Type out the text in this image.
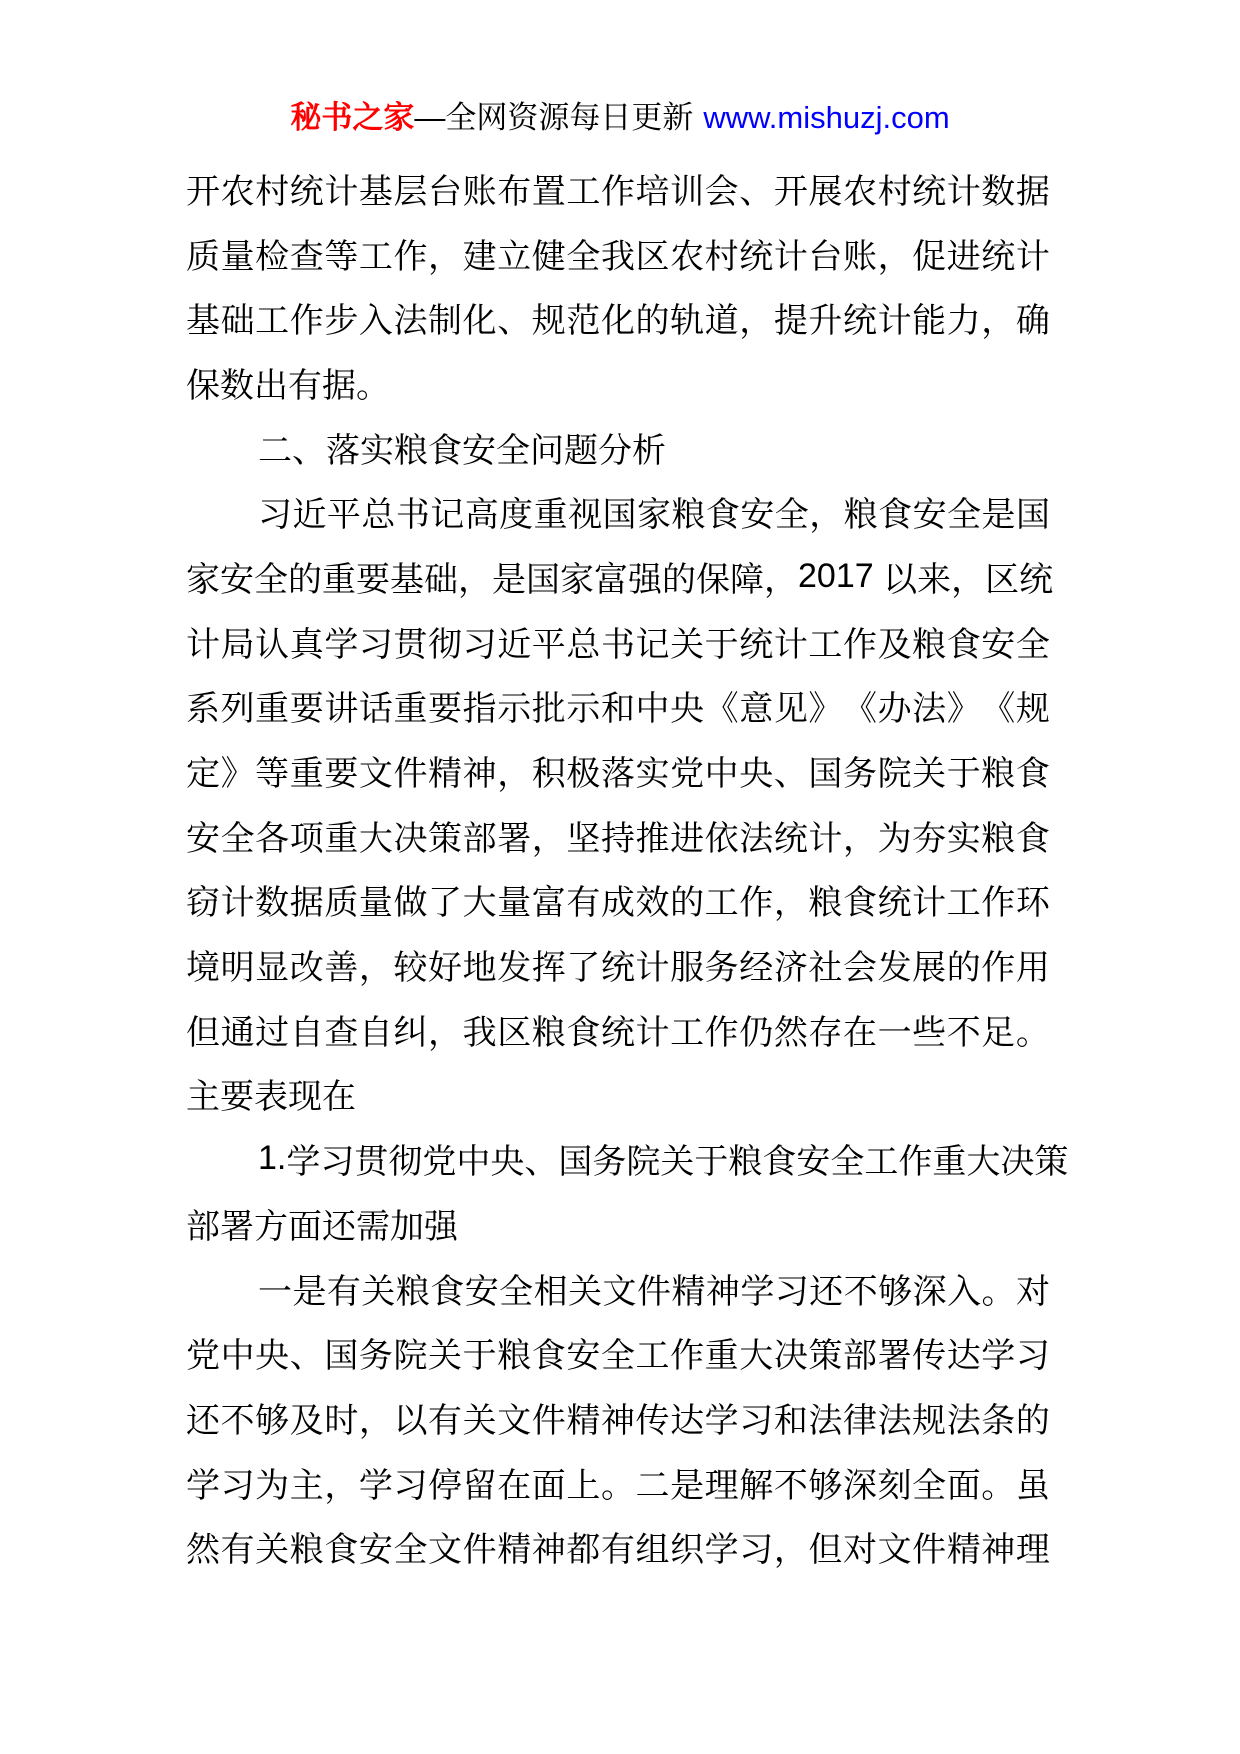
秘书之家—全网资源每日更新 www.mishuzj.com
开 农 村 统 计 基 层 台 账 布 置 工 作 培 训 会 、 开 展 农 村 统 计 数 据
质 量 检 查 等 工 作 ， 建 立 健 全 我 区 农 村 统 计 台 账 ， 促 进 统 计
基 础 工 作 步 入 法 制 化 、 规 范 化 的 轨 道 ， 提 升 统 计 能 力 ， 确
保数出有据。
二、落实粮食安全问题分析
习 近 平 总 书 记 高 度 重 视 国 家 粮 食 安 全 ， 粮 食 安 全 是 国
家 安 全 的 重 要 基 础 ， 是 国 家 富 强 的 保 障 ， 2017 以 来 ， 区 统
计 局 认 真 学 习 贯 彻 习 近 平 总 书 记 关 于 统 计 工 作 及 粮 食 安 全
系 列 重 要 讲 话 重 要 指 示 批 示 和 中 央 《 意 见 》 《 办 法 》 《 规
定 》 等 重 要 文 件 精 神 ， 积 极 落 实 党 中 央 、 国 务 院 关 于 粮 食
安 全 各 项 重 大 决 策 部 署 ， 坚 持 推 进 依 法 统 计 ， 为 夯 实 粮 食
窃 计 数 据 质 量 做 了 大 量 富 有 成 效 的 工 作 ， 粮 食 统 计 工 作 环
境 明 显 改 善 ， 较 好 地 发 挥 了 统 计 服 务 经 济 社 会 发 展 的 作 用
但 通 过 自 查 自 纠 ， 我 区 粮 食 统 计 工 作 仍 然 存 在 一 些 不 足 。
主要表现在
1. 学 习 贯 彻 党 中 央 、 国 务 院 关 于 粮 食 安 全 工 作 重 大 决 策
部署方面还需加强
一 是 有 关 粮 食 安 全 相 关 文 件 精 神 学 习 还 不 够 深 入 。 对
党 中 央 、 国 务 院 关 于 粮 食 安 全 工 作 重 大 决 策 部 署 传 达 学 习
还 不 够 及 时 ， 以 有 关 文 件 精 神 传 达 学 习 和 法 律 法 规 法 条 的
学 习 为 主 ， 学 习 停 留 在 面 上 。 二 是 理 解 不 够 深 刻 全 面 。 虽
然 有 关 粮 食 安 全 文 件 精 神 都 有 组 织 学 习 ， 但 对 文 件 精 神 理
